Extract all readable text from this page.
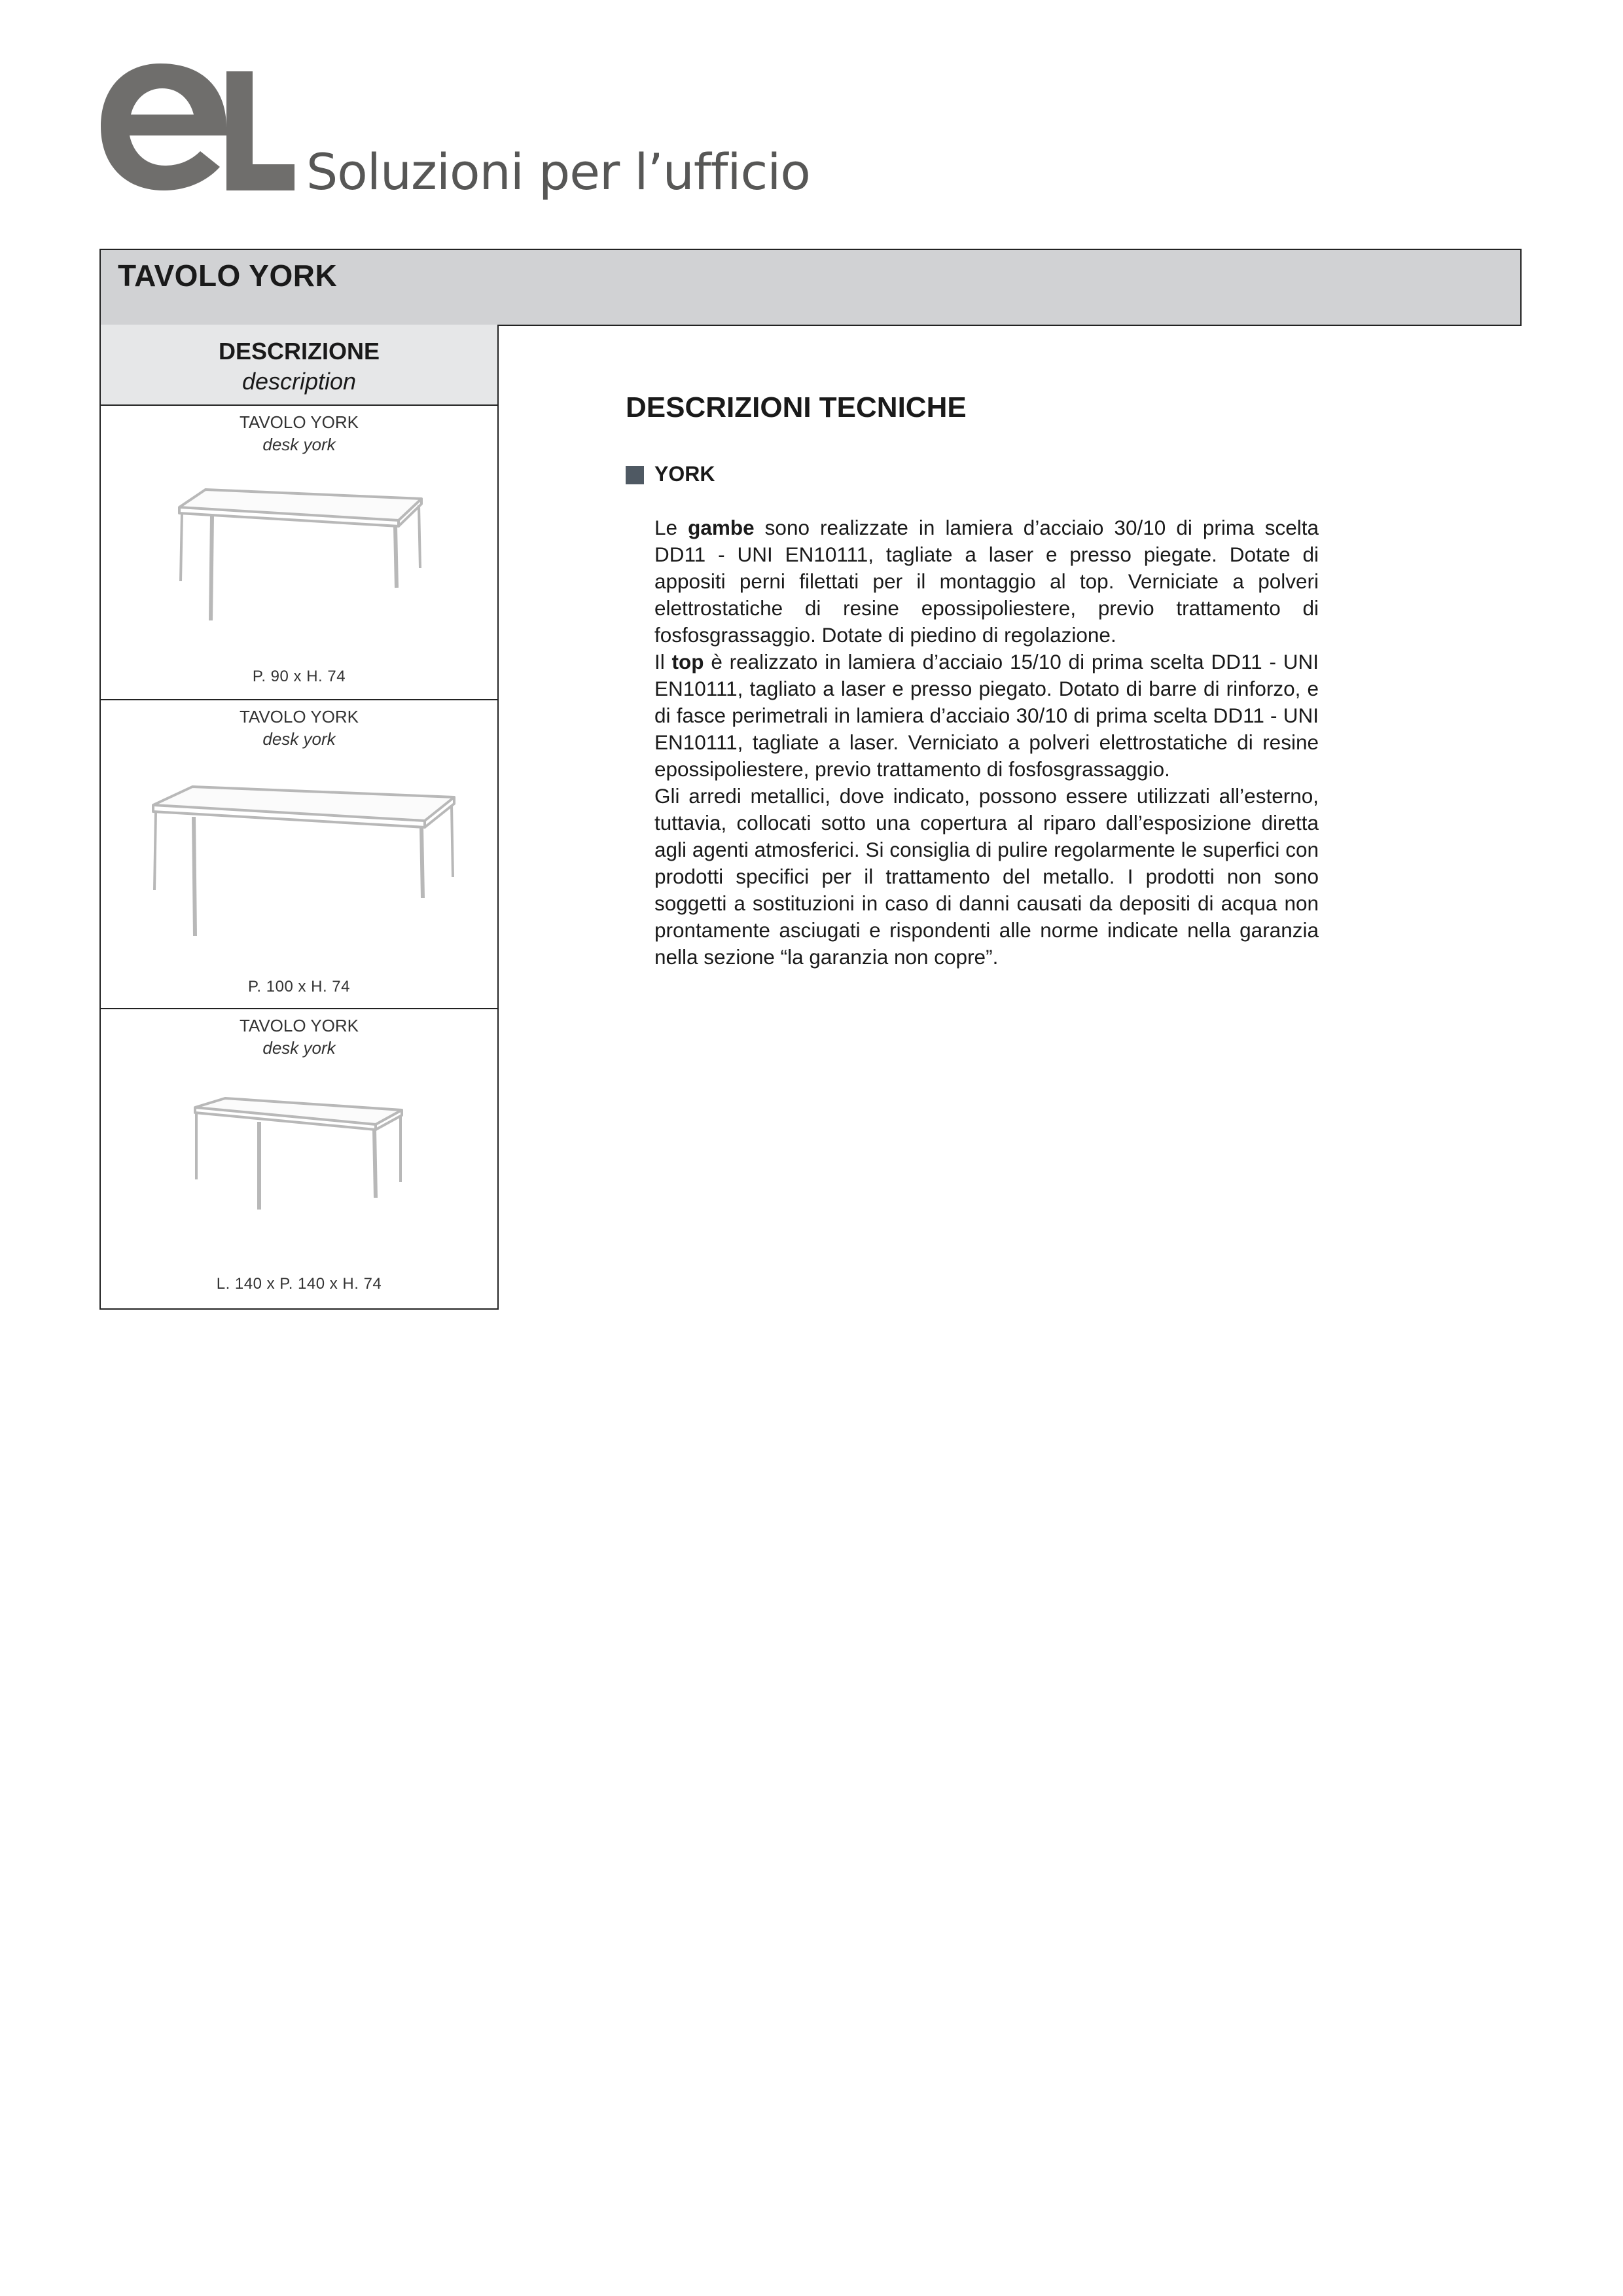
Soluzioni per l’ufficio
TAVOLO YORK
DESCRIZIONE
description
TAVOLO YORK
desk york
P. 90 x H. 74
TAVOLO YORK
desk york
P. 100 x H. 74
TAVOLO YORK
desk york
L. 140 x P. 140 x H. 74
DESCRIZIONI TECNICHE
YORK
Le gambe sono realizzate in lamiera d’acciaio 30/10 di prima scelta DD11 - UNI EN10111, tagliate a laser e presso piegate. Dotate di appositi perni filettati per il montaggio al top. Verniciate a polveri elettrostatiche di resine epossipoliestere, previo trattamento di fosfosgrassaggio. Dotate di piedino di regolazione.
Il top è realizzato in lamiera d’acciaio 15/10 di prima scelta DD11 - UNI EN10111, tagliato a laser e presso piegato. Dotato di barre di rinforzo, e di fasce perimetrali in lamiera d’acciaio 30/10 di prima scelta DD11 - UNI EN10111, tagliate a laser. Verniciato a polveri elettrostatiche di resine epossipoliestere, previo trattamento di fosfosgrassaggio.
Gli arredi metallici, dove indicato, possono essere utilizzati all’esterno, tuttavia, collocati sotto una copertura al riparo dall’esposizione diretta agli agenti atmosferici. Si consiglia di pulire regolarmente le superfici con prodotti specifici per il trattamento del metallo. I prodotti non sono soggetti a sostituzioni in caso di danni causati da depositi di acqua non prontamente asciugati e rispondenti alle norme indicate nella garanzia nella sezione “la garanzia non copre”.
